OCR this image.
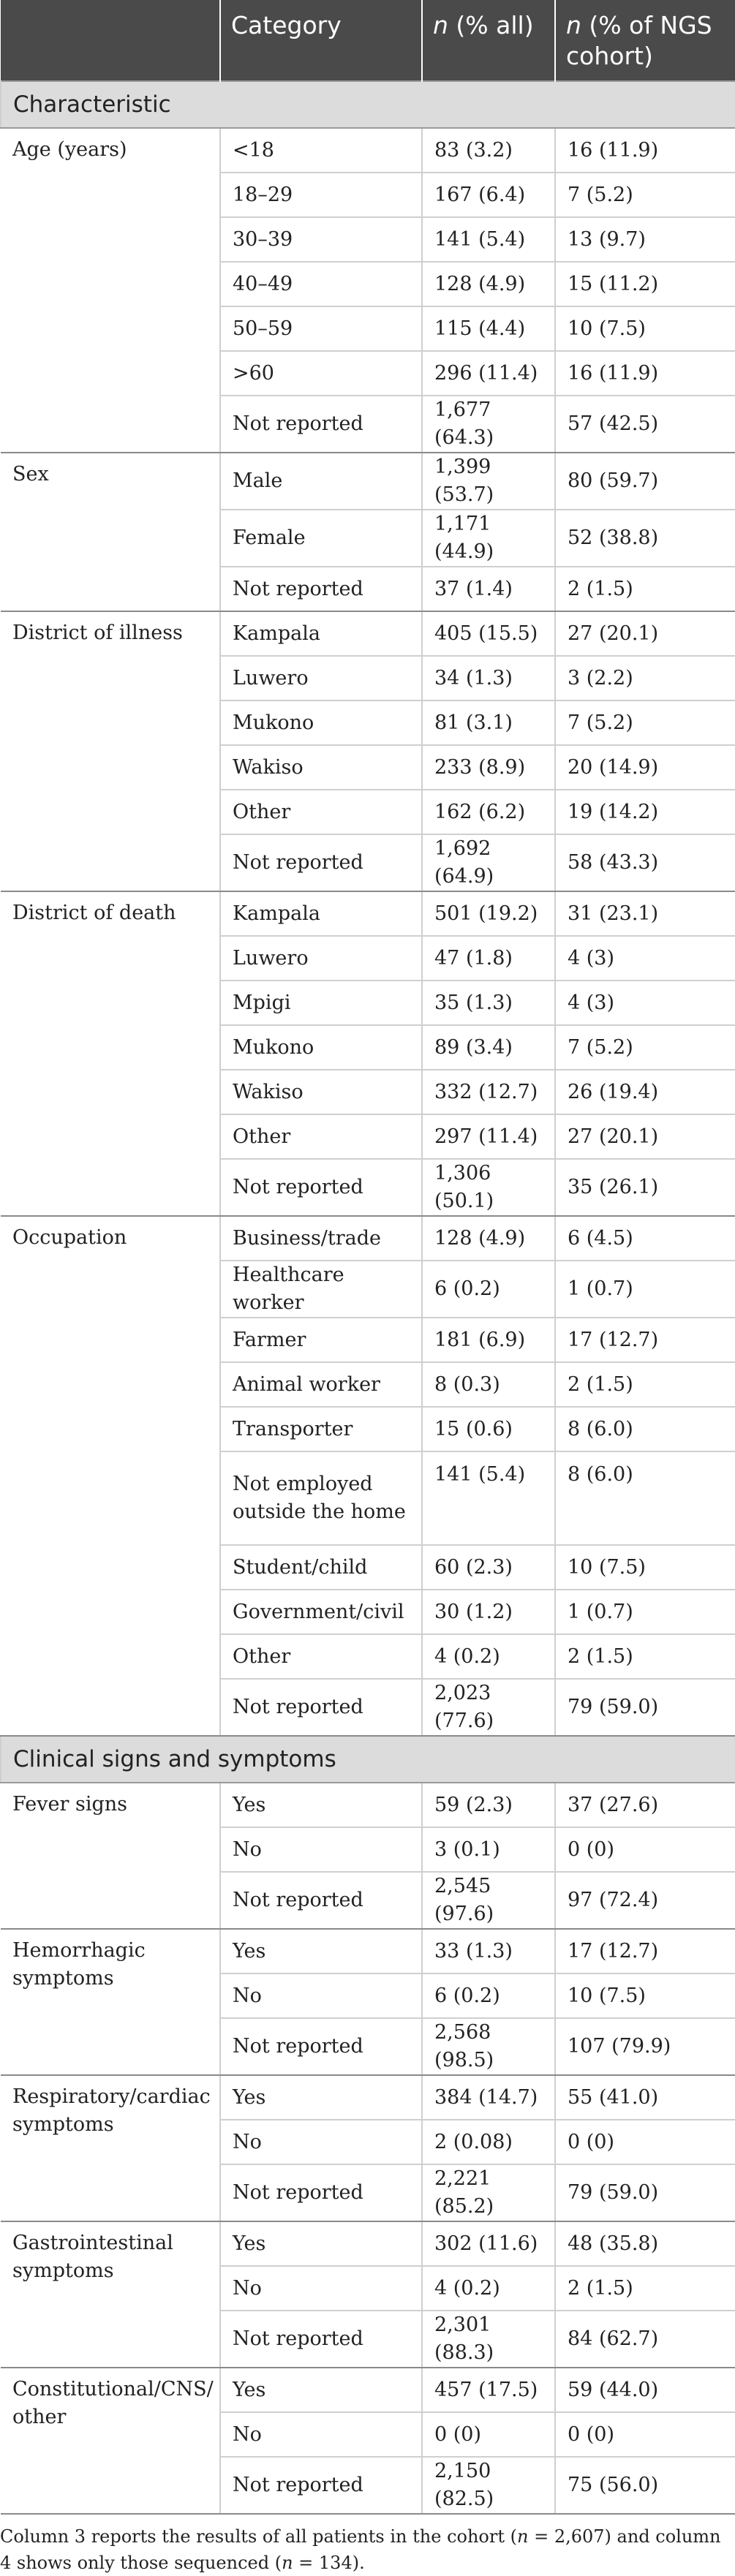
	Category	n (% all)	n (% of NGS cohort)
Characteristic			
Age (years)	<18	83 (3.2)	16 (11.9)
	18–29	167 (6.4)	7 (5.2)
	30–39	141 (5.4)	13 (9.7)
	40–49	128 (4.9)	15 (11.2)
	50–59	115 (4.4)	10 (7.5)
	>60	296 (11.4)	16 (11.9)
	Not reported	1,677 (64.3)	57 (42.5)
Sex	Male	1,399 (53.7)	80 (59.7)
	Female	1,171 (44.9)	52 (38.8)
	Not reported	37 (1.4)	2 (1.5)
District of illness	Kampala	405 (15.5)	27 (20.1)
	Luwero	34 (1.3)	3 (2.2)
	Mukono	81 (3.1)	7 (5.2)
	Wakiso	233 (8.9)	20 (14.9)
	Other	162 (6.2)	19 (14.2)
	Not reported	1,692 (64.9)	58 (43.3)
District of death	Kampala	501 (19.2)	31 (23.1)
	Luwero	47 (1.8)	4 (3)
	Mpigi	35 (1.3)	4 (3)
	Mukono	89 (3.4)	7 (5.2)
	Wakiso	332 (12.7)	26 (19.4)
	Other	297 (11.4)	27 (20.1)
	Not reported	1,306 (50.1)	35 (26.1)
Occupation	Business/trade	128 (4.9)	6 (4.5)
	Healthcare worker	6 (0.2)	1 (0.7)
	Farmer	181 (6.9)	17 (12.7)
	Animal worker	8 (0.3)	2 (1.5)
	Transporter	15 (0.6)	8 (6.0)
	Not employed outside the home	141 (5.4)	8 (6.0)
	Student/child	60 (2.3)	10 (7.5)
	Government/civil	30 (1.2)	1 (0.7)
	Other	4 (0.2)	2 (1.5)
	Not reported	2,023 (77.6)	79 (59.0)
Clinical signs and symptoms			
Fever signs	Yes	59 (2.3)	37 (27.6)
	No	3 (0.1)	0 (0)
	Not reported	2,545 (97.6)	97 (72.4)
Hemorrhagic symptoms	Yes	33 (1.3)	17 (12.7)
	No	6 (0.2)	10 (7.5)
	Not reported	2,568 (98.5)	107 (79.9)
Respiratory/cardiac symptoms	Yes	384 (14.7)	55 (41.0)
	No	2 (0.08)	0 (0)
	Not reported	2,221 (85.2)	79 (59.0)
Gastrointestinal symptoms	Yes	302 (11.6)	48 (35.8)
	No	4 (0.2)	2 (1.5)
	Not reported	2,301 (88.3)	84 (62.7)
Constitutional/CNS/ other	Yes	457 (17.5)	59 (44.0)
	No	0 (0)	0 (0)
	Not reported	2,150 (82.5)	75 (56.0)
Column 3 reports the results of all patients in the cohort (n = 2,607) and column 4 shows only those sequenced (n = 134).
